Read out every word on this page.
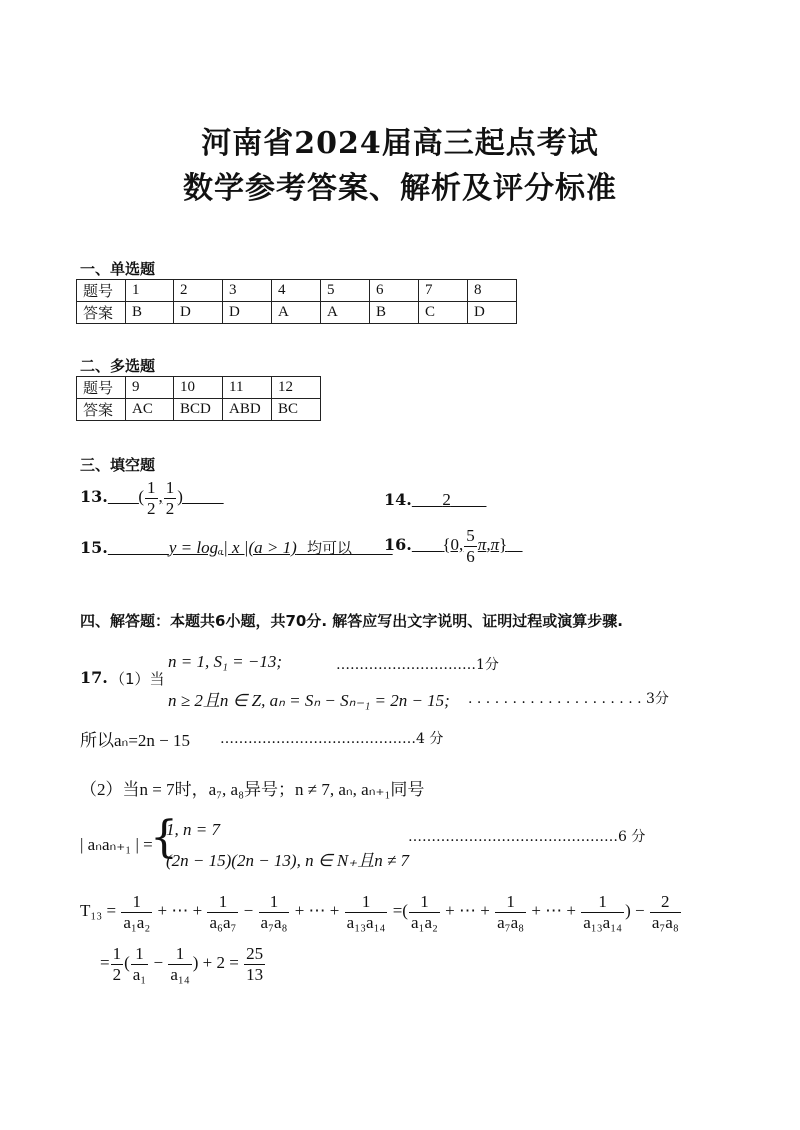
河南省2024届高三起点考试
数学参考答案、解析及评分标准
一、单选题
题号	1	2	3	4	5	6	7	8
答案	B	D	D	A	A	B	C	D
二、多选题
题号	9	10	11	12
答案	AC	BCD	ABD	BC
三、填空题
13. ( $\frac{1}{2}$ , $\frac{1}{2}$ )	14. 2
15.	y = logₐ| x |(a > 1) 均可以	16. {0, $\frac{5}{6} \pi,\pi$}
四、解答题：本题共6小题，共70分. 解答应写出文字说明、证明过程或演算步骤.
17. （1）当
n = 1, S₁ = −13;	…………………………1分
n ≥ 2且n ∈ Z, aₙ = Sₙ − Sₙ₋₁ = 2n − 15; . . . . . . . . . . . . . . . . . . . . 3分
所以aₙ=2n − 15 ……………………………………4 分
（2）当n = 7时，a₇, a₈异号；n ≠ 7, aₙ, aₙ₊₁同号
| aₙaₙ₊₁ | =
{
1, n = 7
(2n − 15)(2n − 13), n ∈ N₊且n ≠ 7
………………………………………6 分
$T_{13} = \frac{1}{\text{a₁a₂}}$ + ⋯ + $\frac{1}{\text{a₆a₇}} - \frac{1}{\text{a₇a₈}}$ + ⋯ + $\frac{1}{\text{a₁₃a₁₄}}$ =( $\frac{1}{\text{a₁a₂}}$ + ⋯ + $\frac{1}{\text{a₇a₈}}$ + ⋯ + $\frac{1}{\text{a₁₃a₁₄}}$ ) − $\frac{2}{\text{a₇a₈}}$
= $\frac{1}{2}$ ( $\frac{1}{\text{a₁}} - \frac{1}{\text{a₁₄}}$ ) + $2 = \frac{25}{13}$
